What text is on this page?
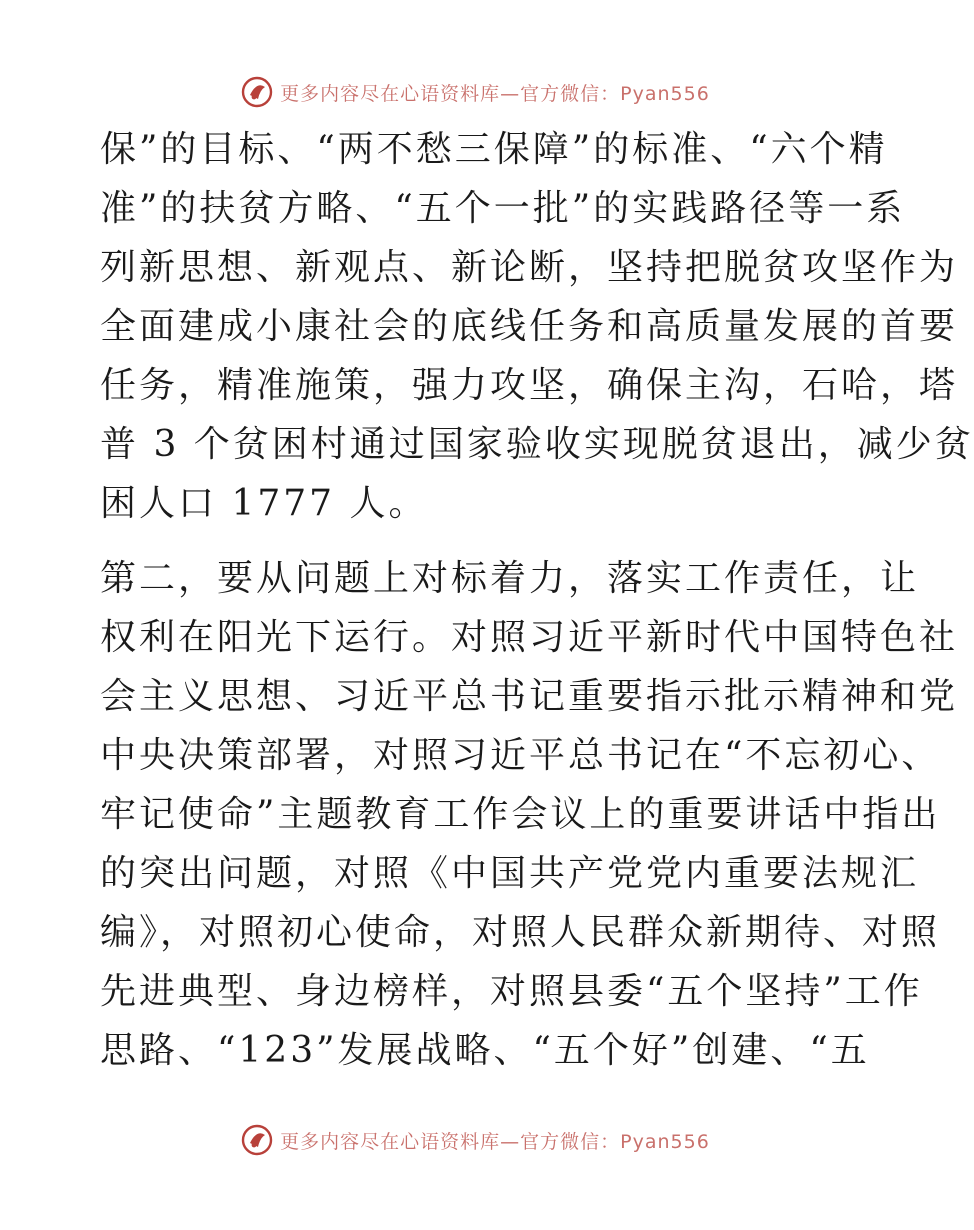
更多内容尽在心语资料库—官方微信：Pyan556
保”的目标、“两不愁三保障”的标准、“六个精
准”的扶贫方略、“五个一批”的实践路径等一系
列新思想、新观点、新论断，坚持把脱贫攻坚作为
全面建成小康社会的底线任务和高质量发展的首要
任务，精准施策，强力攻坚，确保主沟，石哈，塔
普 3 个贫困村通过国家验收实现脱贫退出，减少贫
困人口 1777 人。
第二，要从问题上对标着力，落实工作责任，让
权利在阳光下运行。对照习近平新时代中国特色社
会主义思想、习近平总书记重要指示批示精神和党
中央决策部署，对照习近平总书记在“不忘初心、
牢记使命”主题教育工作会议上的重要讲话中指出
的突出问题，对照《中国共产党党内重要法规汇
编》，对照初心使命，对照人民群众新期待、对照
先进典型、身边榜样，对照县委“五个坚持”工作
思路、“123”发展战略、“五个好”创建、“五
更多内容尽在心语资料库—官方微信：Pyan556
